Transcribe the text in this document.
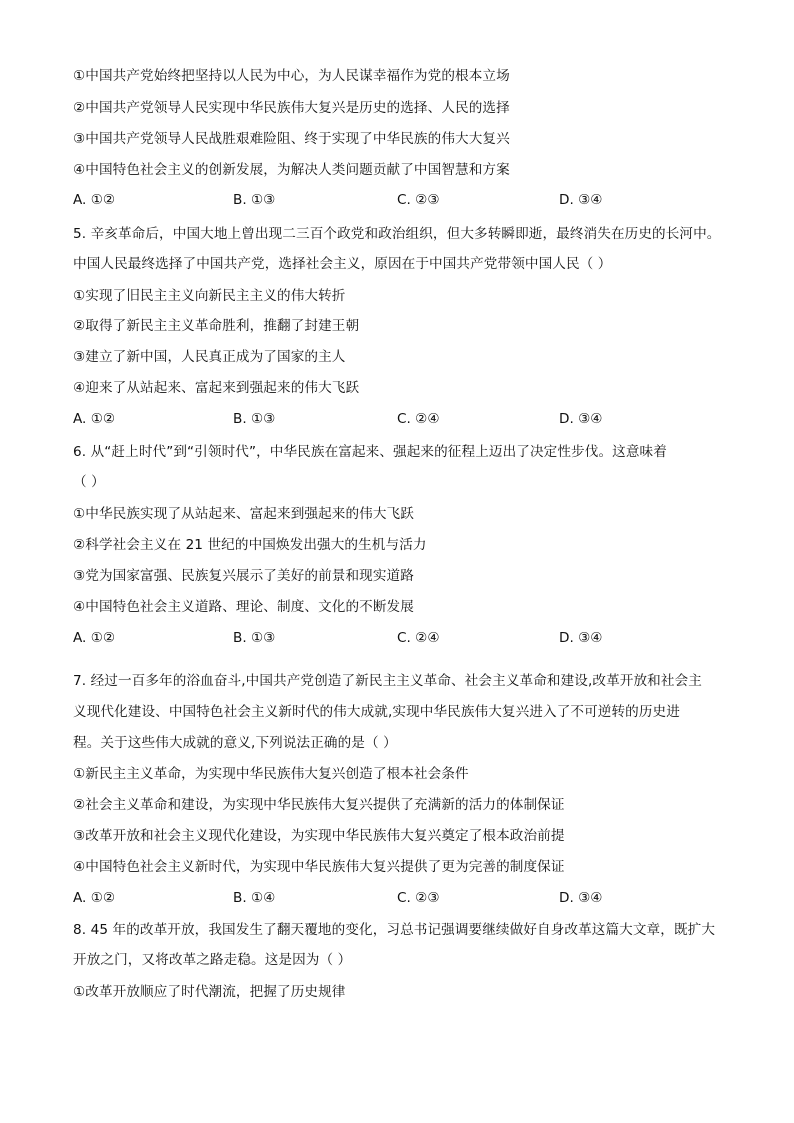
①中国共产党始终把坚持以人民为中心，为人民谋幸福作为党的根本立场
②中国共产党领导人民实现中华民族伟大复兴是历史的选择、人民的选择
③中国共产党领导人民战胜艰难险阻、终于实现了中华民族的伟大大复兴
④中国特色社会主义的创新发展，为解决人类问题贡献了中国智慧和方案
A. ①②	B. ①③	C. ②③	D. ③④
5. 辛亥革命后，中国大地上曾出现二三百个政党和政治组织，但大多转瞬即逝，最终消失在历史的长河中。
中国人民最终选择了中国共产党，选择社会主义，原因在于中国共产党带领中国人民（ ）
①实现了旧民主主义向新民主主义的伟大转折
②取得了新民主主义革命胜利，推翻了封建王朝
③建立了新中国，人民真正成为了国家的主人
④迎来了从站起来、富起来到强起来的伟大飞跃
A. ①②	B. ①③	C. ②④	D. ③④
6. 从“赶上时代”到“引领时代”，中华民族在富起来、强起来的征程上迈出了决定性步伐。这意味着
（ ）
①中华民族实现了从站起来、富起来到强起来的伟大飞跃
②科学社会主义在 21 世纪的中国焕发出强大的生机与活力
③党为国家富强、民族复兴展示了美好的前景和现实道路
④中国特色社会主义道路、理论、制度、文化的不断发展
A. ①②	B. ①③	C. ②④	D. ③④
7. 经过一百多年的浴血奋斗,中国共产党创造了新民主主义革命、社会主义革命和建设,改革开放和社会主
义现代化建设、中国特色社会主义新时代的伟大成就,实现中华民族伟大复兴进入了不可逆转的历史进
程。关于这些伟大成就的意义,下列说法正确的是（ ）
①新民主主义革命，为实现中华民族伟大复兴创造了根本社会条件
②社会主义革命和建设，为实现中华民族伟大复兴提供了充满新的活力的体制保证
③改革开放和社会主义现代化建设，为实现中华民族伟大复兴奠定了根本政治前提
④中国特色社会主义新时代，为实现中华民族伟大复兴提供了更为完善的制度保证
A. ①②	B. ①④	C. ②③	D. ③④
8. 45 年的改革开放，我国发生了翻天覆地的变化，习总书记强调要继续做好自身改革这篇大文章，既扩大
开放之门，又将改革之路走稳。这是因为（ ）
①改革开放顺应了时代潮流，把握了历史规律
